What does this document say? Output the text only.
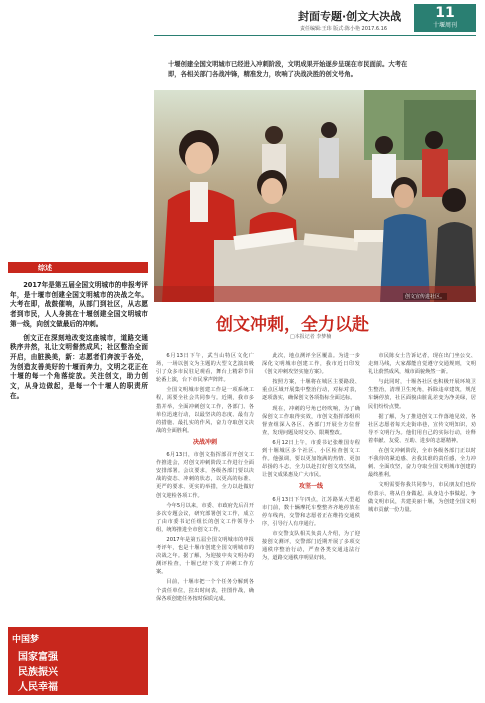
封面专题·创文大决战
责任编辑:王玮 版式:陈小艳 2017.6.16
11
十堰周刊
十堰创建全国文明城市已经进入冲刺阶段，文明成果开始逐步呈现在市民面前。大考在即，各相关部门各战冲锋，精准发力，吹响了决战决胜的创文号角。
创文宣传进社区。
综述

2017年是第五届全国文明城市的申报考评年，是十堰市创建全国文明城市的决战之年。大考在即，战鼓催响，从部门到社区，从志愿者到市民，人人身挑在十堰创建全国文明城市第一线，向创文做最后的冲刺。

创文正在深刻地改变这座城市，道路交通秩序井然，礼让文明督然成风；社区整治全面开启，由脏换美，新：志愿者们奔波于各处，为创造友善美好的十堰而奔力，文明之花正在十堰的每一个角落绽放。关注创文，助力创文，从身边做起，是每一个十堰人的职责所在。

中国梦
国家富强
民族振兴
人民幸福
创文冲刺，全力以赴
□本报记者 李梦楠

6月13日下午，武当山特区文化广场，一场以创文为主题的大型文艺演出吸引了众多市民驻足观看，舞台上精彩节目轮番上演，台下市民掌声阵阵。

全国文明城市创建工作是一项系统工程，需要全社会共同参与。近期，我市多措并举，全面冲刺创文工作，各部门、各单位迅速行动，以最坚决的态度、最有力的措施、最扎实的作风，奋力夺取创文决战的全面胜利。

决战冲刺

6月13日，市创文指挥部召开创文工作推进会，对创文冲刺阶段工作进行全面安排部署。会议要求，各级各部门要以决战的姿态、冲刺的状态，以更高的标准、更严的要求、更实的举措，全力以赴做好创文迎检各项工作。

今年5月以来，市委、市政府先后召开多次专题会议，研究部署创文工作，成立了由市委书记任组长的创文工作领导小组，统筹推进全市创文工作。

2017年是第五届全国文明城市的申报考评年，也是十堰市创建全国文明城市的决战之年。据了解，为迎接中央文明办的测评检查，十堰已经下发了冲刺工作方案。

目前，十堰市把一个个任务分解到各个责任单位，拉出时间表，挂图作战，确保各项创建任务按时保质完成。

此次，地点测评全区覆盖。为进一步深化文明城市创建工作，我市近日印发《创文冲刺攻坚实施方案》。

按照方案，十堰将在城区主要路段、重点区域开展集中整治行动，对标对表，逐项落实，确保创文各项指标全面达标。

现在，冲刺的号角已经吹响，为了确保创文工作取得实效，市创文指挥部组织督查组深入各区、各部门开展全方位督查，发现问题及时交办、限期整改。

6月12日上午，市委书记张维国专程到十堰城区多个社区、小区检查创文工作。他强调，要以更加饱满的热情、更加昂扬的斗志，全力以赴打好创文攻坚战，让创文成果惠及广大市民。

攻坚一线

6月13日下午四点，江苏路某大型超市门前，数十辆摩托车整整齐齐地停放在停车线内，交警和志愿者正在维持交通秩序，引导行人有序通行。

市交警支队相关负责人介绍，为了迎接创文测评，交警部门近期开展了多项交通秩序整治行动，严查各类交通违法行为，道路交通秩序明显好转。

市民陈女士告诉记者，现在出门坐公交、走斑马线，大家都能自觉遵守交通规则，文明礼让蔚然成风，城市面貌焕然一新。

与此同时，十堰各社区也积极开展环境卫生整治，清理卫生死角，拆除违章建筑，规范车辆停放，社区面貌由脏乱差变为净美绿，居民们纷纷点赞。

据了解，为了推进创文工作落地见效，各社区志愿者每天走街串巷，宣传文明知识，劝导不文明行为。他们用自己的实际行动，诠释着奉献、友爱、互助、进步的志愿精神。

在创文冲刺阶段，全市各级各部门正以时不我待的紧迫感、舍我其谁的责任感，全力冲刺、全面攻坚，奋力夺取全国文明城市创建的最终胜利。

文明需要你我共同参与，市民朋友们也纷纷表示，将从自身做起，从身边小事做起，争做文明市民，共建美丽十堰，为创建全国文明城市贡献一份力量。
